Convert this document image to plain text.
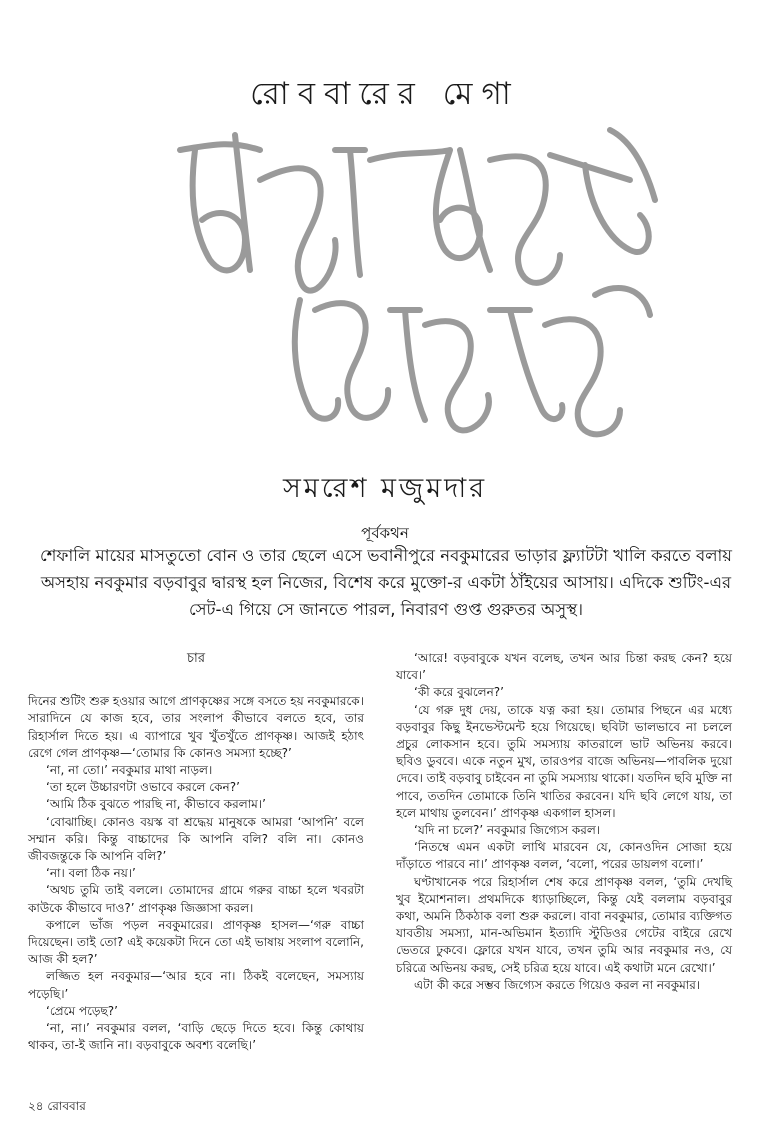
রোববারের মেগা
সমরেশ মজুমদার
পূর্বকথন
শেফালি মায়ের মাসতুতো বোন ও তার ছেলে এসে ভবানীপুরে নবকুমারের ভাড়ার ফ্ল্যাটটা খালি করতে বলায় অসহায় নবকুমার বড়বাবুর দ্বারস্থ হল নিজের, বিশেষ করে মুক্তো-র একটা ঠাঁইয়ের আসায়। এদিকে শুটিং-এর সেট-এ গিয়ে সে জানতে পারল, নিবারণ গুপ্ত গুরুতর অসুস্থ।
চার

দিনের শুটিং শুরু হওয়ার আগে প্রাণকৃষ্ণের সঙ্গে বসতে হয় নবকুমারকে। সারাদিনে যে কাজ হবে, তার সংলাপ কীভাবে বলতে হবে, তার রিহার্সাল দিতে হয়। এ ব্যাপারে খুব খুঁতখুঁতে প্রাণকৃষ্ণ। আজই হঠাৎ রেগে গেল প্রাণকৃষ্ণ—‘তোমার কি কোনও সমস্যা হচ্ছে?’

‘না, না তো।’ নবকুমার মাথা নাড়ল।

‘তা হলে উচ্চারণটা ওভাবে করলে কেন?’

‘আমি ঠিক বুঝতে পারছি না, কীভাবে করলাম।’

‘বোঝাচ্ছি। কোনও বয়স্ক বা শ্রদ্ধেয় মানুষকে আমরা ‘আপনি’ বলে সম্মান করি। কিন্তু বাচ্চাদের কি আপনি বলি? বলি না। কোনও জীবজন্তুকে কি আপনি বলি?’

‘না। বলা ঠিক নয়।’

‘অথচ তুমি তাই বললে। তোমাদের গ্রামে গরুর বাচ্চা হলে খবরটা কাউকে কীভাবে দাও?’ প্রাণকৃষ্ণ জিজ্ঞাসা করল।

কপালে ভাঁজ পড়ল নবকুমারের। প্রাণকৃষ্ণ হাসল—‘গরু বাচ্চা দিয়েছেন। তাই তো? এই কয়েকটা দিনে তো এই ভাষায় সংলাপ বলোনি, আজ কী হল?’

লজ্জিত হল নবকুমার—‘আর হবে না। ঠিকই বলেছেন, সমস্যায় পড়েছি।’

‘প্রেমে পড়েছ?’

‘না, না।’ নবকুমার বলল, ‘বাড়ি ছেড়ে দিতে হবে। কিন্তু কোথায় থাকব, তা-ই জানি না। বড়বাবুকে অবশ্য বলেছি।’

‘আরে! বড়বাবুকে যখন বলেছ, তখন আর চিন্তা করছ কেন? হয়ে যাবে।’

‘কী করে বুঝলেন?’

‘যে গরু দুধ দেয়, তাকে যত্ন করা হয়। তোমার পিছনে এর মধ্যে বড়বাবুর কিছু ইনভেস্টমেন্ট হয়ে গিয়েছে। ছবিটা ভালভাবে না চললে প্রচুর লোকসান হবে। তুমি সমস্যায় কাতরালে ভাট অভিনয় করবে। ছবিও ডুববে। একে নতুন মুখ, তারওপর বাজে অভিনয়—পাবলিক দুয়ো দেবে। তাই বড়বাবু চাইবেন না তুমি সমস্যায় থাকো। যতদিন ছবি মুক্তি না পাবে, ততদিন তোমাকে তিনি খাতির করবেন। যদি ছবি লেগে যায়, তা হলে মাথায় তুলবেন।’ প্রাণকৃষ্ণ একগাল হাসল।

‘যদি না চলে?’ নবকুমার জিগ্যেস করল।

‘নিতম্বে এমন একটা লাথি মারবেন যে, কোনওদিন সোজা হয়ে দাঁড়াতে পারবে না।’ প্রাণকৃষ্ণ বলল, ‘বলো, পরের ডায়লগ বলো।’

ঘণ্টাখানেক পরে রিহার্সাল শেষ করে প্রাণকৃষ্ণ বলল, ‘তুমি দেখছি খুব ইমোশনাল। প্রথমদিকে ধ্যাড়াচ্ছিলে, কিন্তু যেই বললাম বড়বাবুর কথা, অমনি ঠিকঠাক বলা শুরু করলে। বাবা নবকুমার, তোমার ব্যক্তিগত যাবতীয় সমস্যা, মান-অভিমান ইত্যাদি স্টুডিওর গেটের বাইরে রেখে ভেতরে ঢুকবে। ফ্লোরে যখন যাবে, তখন তুমি আর নবকুমার নও, যে চরিত্রে অভিনয় করছ, সেই চরিত্র হয়ে যাবে। এই কথাটা মনে রেখো।’

এটা কী করে সম্ভব জিগ্যেস করতে গিয়েও করল না নবকুমার।

২৪ রোববার
